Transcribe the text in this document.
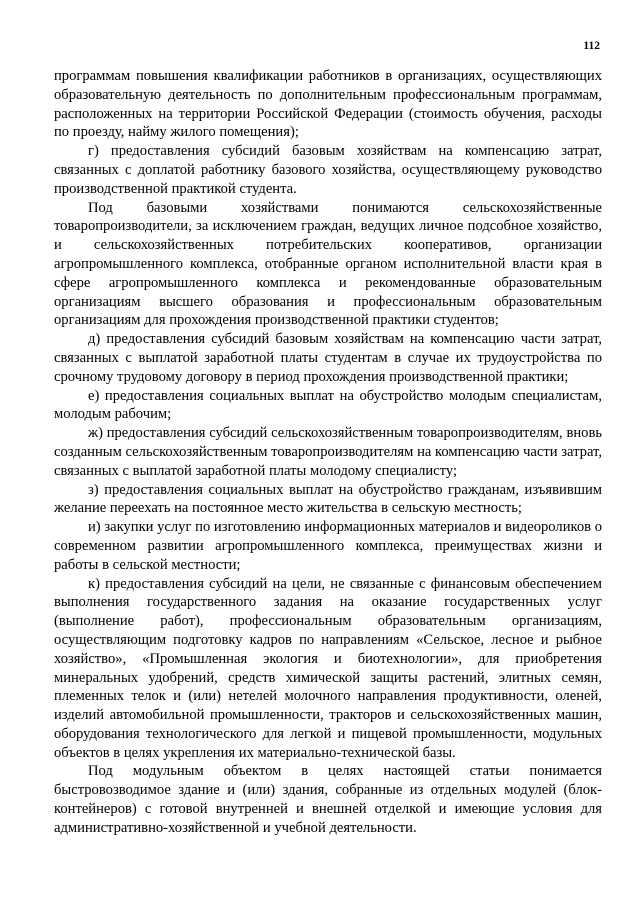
112

программам повышения квалификации работников в организациях, осуществляющих образовательную деятельность по дополнительным профессиональным программам, расположенных на территории Российской Федерации (стоимость обучения, расходы по проезду, найму жилого помещения);

г) предоставления субсидий базовым хозяйствам на компенсацию затрат, связанных с доплатой работнику базового хозяйства, осуществляющему руководство производственной практикой студента.

Под базовыми хозяйствами понимаются сельскохозяйственные товаропроизводители, за исключением граждан, ведущих личное подсобное хозяйство, и сельскохозяйственных потребительских кооперативов, организации агропромышленного комплекса, отобранные органом исполнительной власти края в сфере агропромышленного комплекса и рекомендованные образовательным организациям высшего образования и профессиональным образовательным организациям для прохождения производственной практики студентов;

д) предоставления субсидий базовым хозяйствам на компенсацию части затрат, связанных с выплатой заработной платы студентам в случае их трудоустройства по срочному трудовому договору в период прохождения производственной практики;

е) предоставления социальных выплат на обустройство молодым специалистам, молодым рабочим;

ж) предоставления субсидий сельскохозяйственным товаропроизводителям, вновь созданным сельскохозяйственным товаропроизводителям на компенсацию части затрат, связанных с выплатой заработной платы молодому специалисту;

з) предоставления социальных выплат на обустройство гражданам, изъявившим желание переехать на постоянное место жительства в сельскую местность;

и) закупки услуг по изготовлению информационных материалов и видеороликов о современном развитии агропромышленного комплекса, преимуществах жизни и работы в сельской местности;

к) предоставления субсидий на цели, не связанные с финансовым обеспечением выполнения государственного задания на оказание государственных услуг (выполнение работ), профессиональным образовательным организациям, осуществляющим подготовку кадров по направлениям «Сельское, лесное и рыбное хозяйство», «Промышленная экология и биотехнологии», для приобретения минеральных удобрений, средств химической защиты растений, элитных семян, племенных телок и (или) нетелей молочного направления продуктивности, оленей, изделий автомобильной промышленности, тракторов и сельскохозяйственных машин, оборудования технологического для легкой и пищевой промышленности, модульных объектов в целях укрепления их материально-технической базы.

Под модульным объектом в целях настоящей статьи понимается быстровозводимое здание и (или) здания, собранные из отдельных модулей (блок-контейнеров) с готовой внутренней и внешней отделкой и имеющие условия для административно-хозяйственной и учебной деятельности.
